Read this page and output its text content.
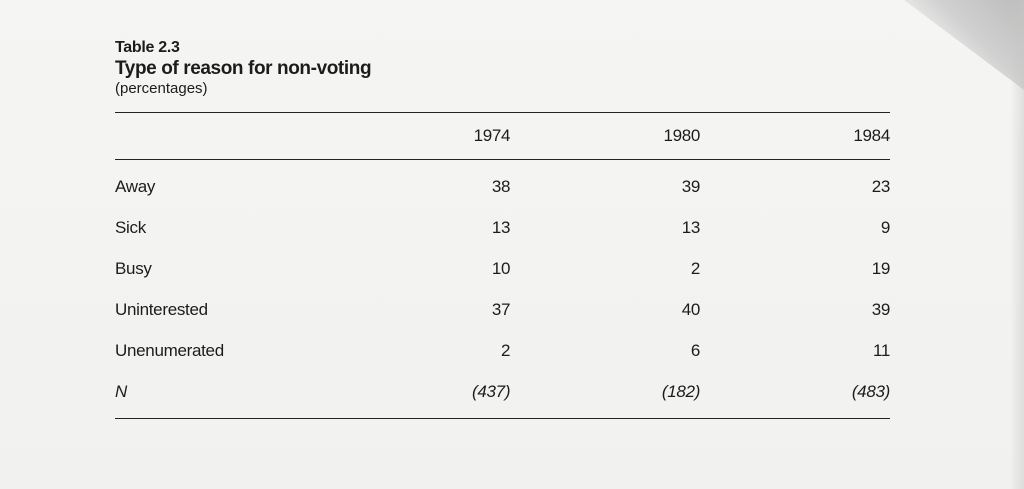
Table 2.3

Type of reason for non-voting

(percentages)

	1974	1980	1984
Away	38	39	23
Sick	13	13	9
Busy	10	2	19
Uninterested	37	40	39
Unenumerated	2	6	11
N	(437)	(182)	(483)
